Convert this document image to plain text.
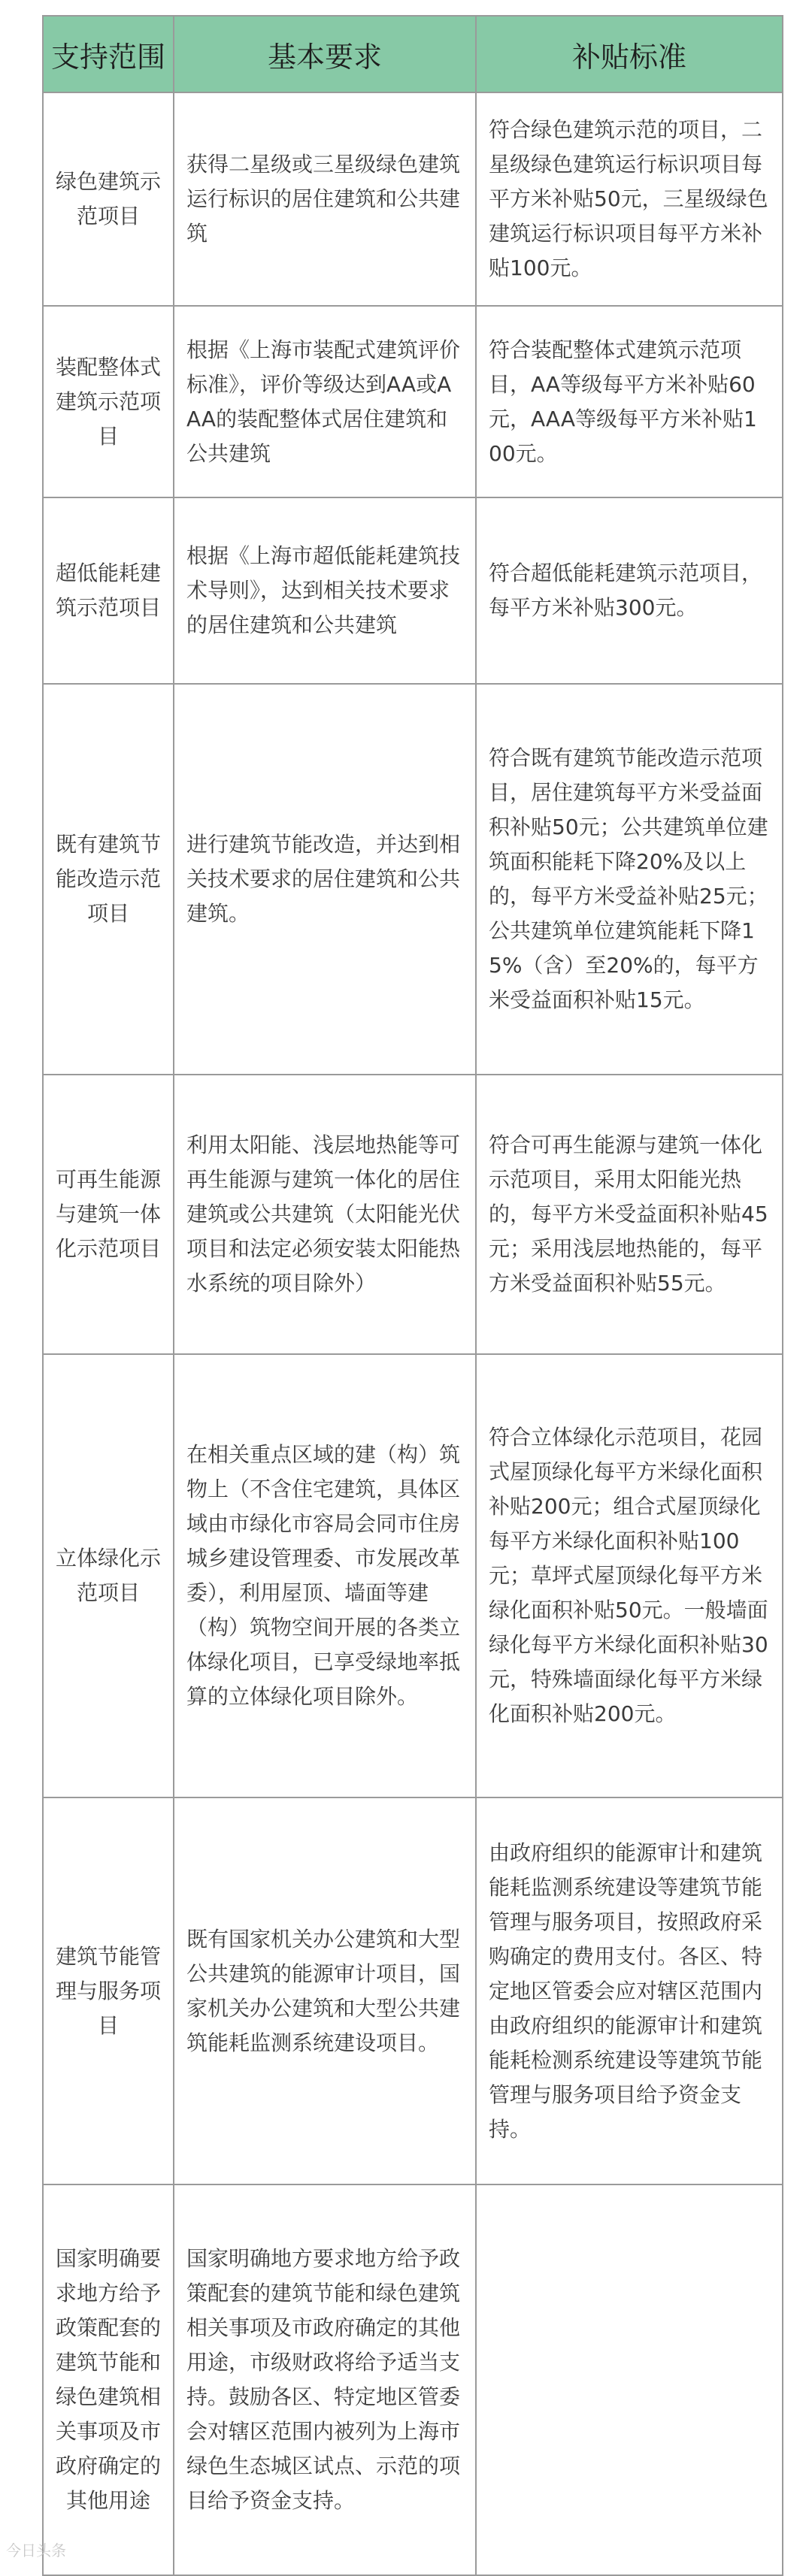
支持范围	基本要求	补贴标准
绿色建筑示范项目	获得二星级或三星级绿色建筑运行标识的居住建筑和公共建筑	符合绿色建筑示范的项目，二星级绿色建筑运行标识项目每平方米补贴50元，三星级绿色建筑运行标识项目每平方米补贴100元。
装配整体式建筑示范项目	根据《上海市装配式建筑评价标准》，评价等级达到AA或AAA的装配整体式居住建筑和公共建筑	符合装配整体式建筑示范项目，AA等级每平方米补贴60元，AAA等级每平方米补贴100元。
超低能耗建筑示范项目	根据《上海市超低能耗建筑技术导则》，达到相关技术要求的居住建筑和公共建筑	符合超低能耗建筑示范项目，每平方米补贴300元。
既有建筑节能改造示范项目	进行建筑节能改造，并达到相关技术要求的居住建筑和公共建筑。	符合既有建筑节能改造示范项目，居住建筑每平方米受益面积补贴50元；公共建筑单位建筑面积能耗下降20%及以上的，每平方米受益补贴25元；公共建筑单位建筑能耗下降15%（含）至20%的，每平方米受益面积补贴15元。
可再生能源与建筑一体化示范项目	利用太阳能、浅层地热能等可再生能源与建筑一体化的居住建筑或公共建筑（太阳能光伏项目和法定必须安装太阳能热水系统的项目除外）	符合可再生能源与建筑一体化示范项目，采用太阳能光热的，每平方米受益面积补贴45元；采用浅层地热能的，每平方米受益面积补贴55元。
立体绿化示范项目	在相关重点区域的建（构）筑物上（不含住宅建筑，具体区域由市绿化市容局会同市住房城乡建设管理委、市发展改革委），利用屋顶、墙面等建（构）筑物空间开展的各类立体绿化项目，已享受绿地率抵算的立体绿化项目除外。	符合立体绿化示范项目，花园式屋顶绿化每平方米绿化面积补贴200元；组合式屋顶绿化每平方米绿化面积补贴100元；草坪式屋顶绿化每平方米绿化面积补贴50元。一般墙面绿化每平方米绿化面积补贴30元，特殊墙面绿化每平方米绿化面积补贴200元。
建筑节能管理与服务项目	既有国家机关办公建筑和大型公共建筑的能源审计项目，国家机关办公建筑和大型公共建筑能耗监测系统建设项目。	由政府组织的能源审计和建筑能耗监测系统建设等建筑节能管理与服务项目，按照政府采购确定的费用支付。各区、特定地区管委会应对辖区范围内由政府组织的能源审计和建筑能耗检测系统建设等建筑节能管理与服务项目给予资金支持。
国家明确要求地方给予政策配套的建筑节能和绿色建筑相关事项及市政府确定的其他用途	国家明确地方要求地方给予政策配套的建筑节能和绿色建筑相关事项及市政府确定的其他用途，市级财政将给予适当支持。鼓励各区、特定地区管委会对辖区范围内被列为上海市绿色生态城区试点、示范的项目给予资金支持。	
今日头条
